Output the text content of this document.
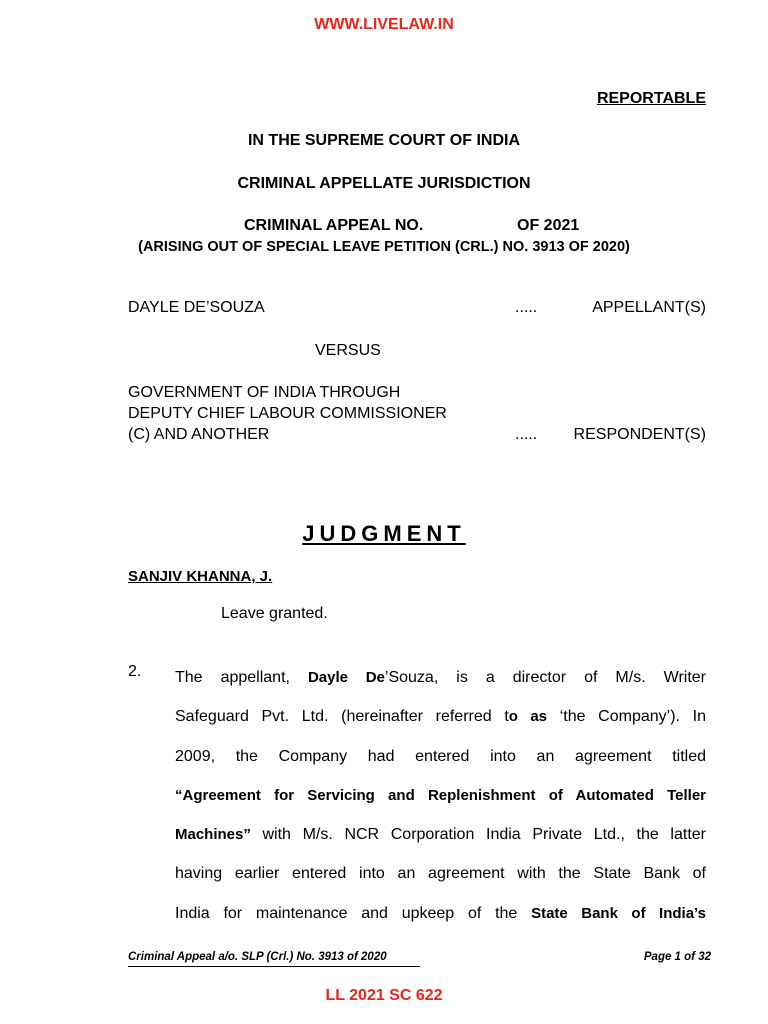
WWW.LIVELAW.IN
REPORTABLE
IN THE SUPREME COURT OF INDIA
CRIMINAL APPELLATE JURISDICTION
CRIMINAL APPEAL NO.	OF 2021
(ARISING OUT OF SPECIAL LEAVE PETITION (CRL.) NO. 3913 OF 2020)
DAYLE DE’SOUZA	.....	APPELLANT(S)
VERSUS
GOVERNMENT OF INDIA THROUGH
DEPUTY CHIEF LABOUR COMMISSIONER
(C) AND ANOTHER	..... RESPONDENT(S)
JUDGMENT
SANJIV KHANNA, J.
Leave granted.
2. The appellant, Dayle De’Souza, is a director of M/s. Writer
Safeguard Pvt. Ltd. (hereinafter referred to as ‘the Company’). In
2009, the Company had entered into an agreement titled
“Agreement for Servicing and Replenishment of Automated Teller
Machines” with M/s. NCR Corporation India Private Ltd., the latter
having earlier entered into an agreement with the State Bank of
India for maintenance and upkeep of the State Bank of India’s
Criminal Appeal a/o. SLP (Crl.) No. 3913 of 2020	Page 1 of 32
LL 2021 SC 622
